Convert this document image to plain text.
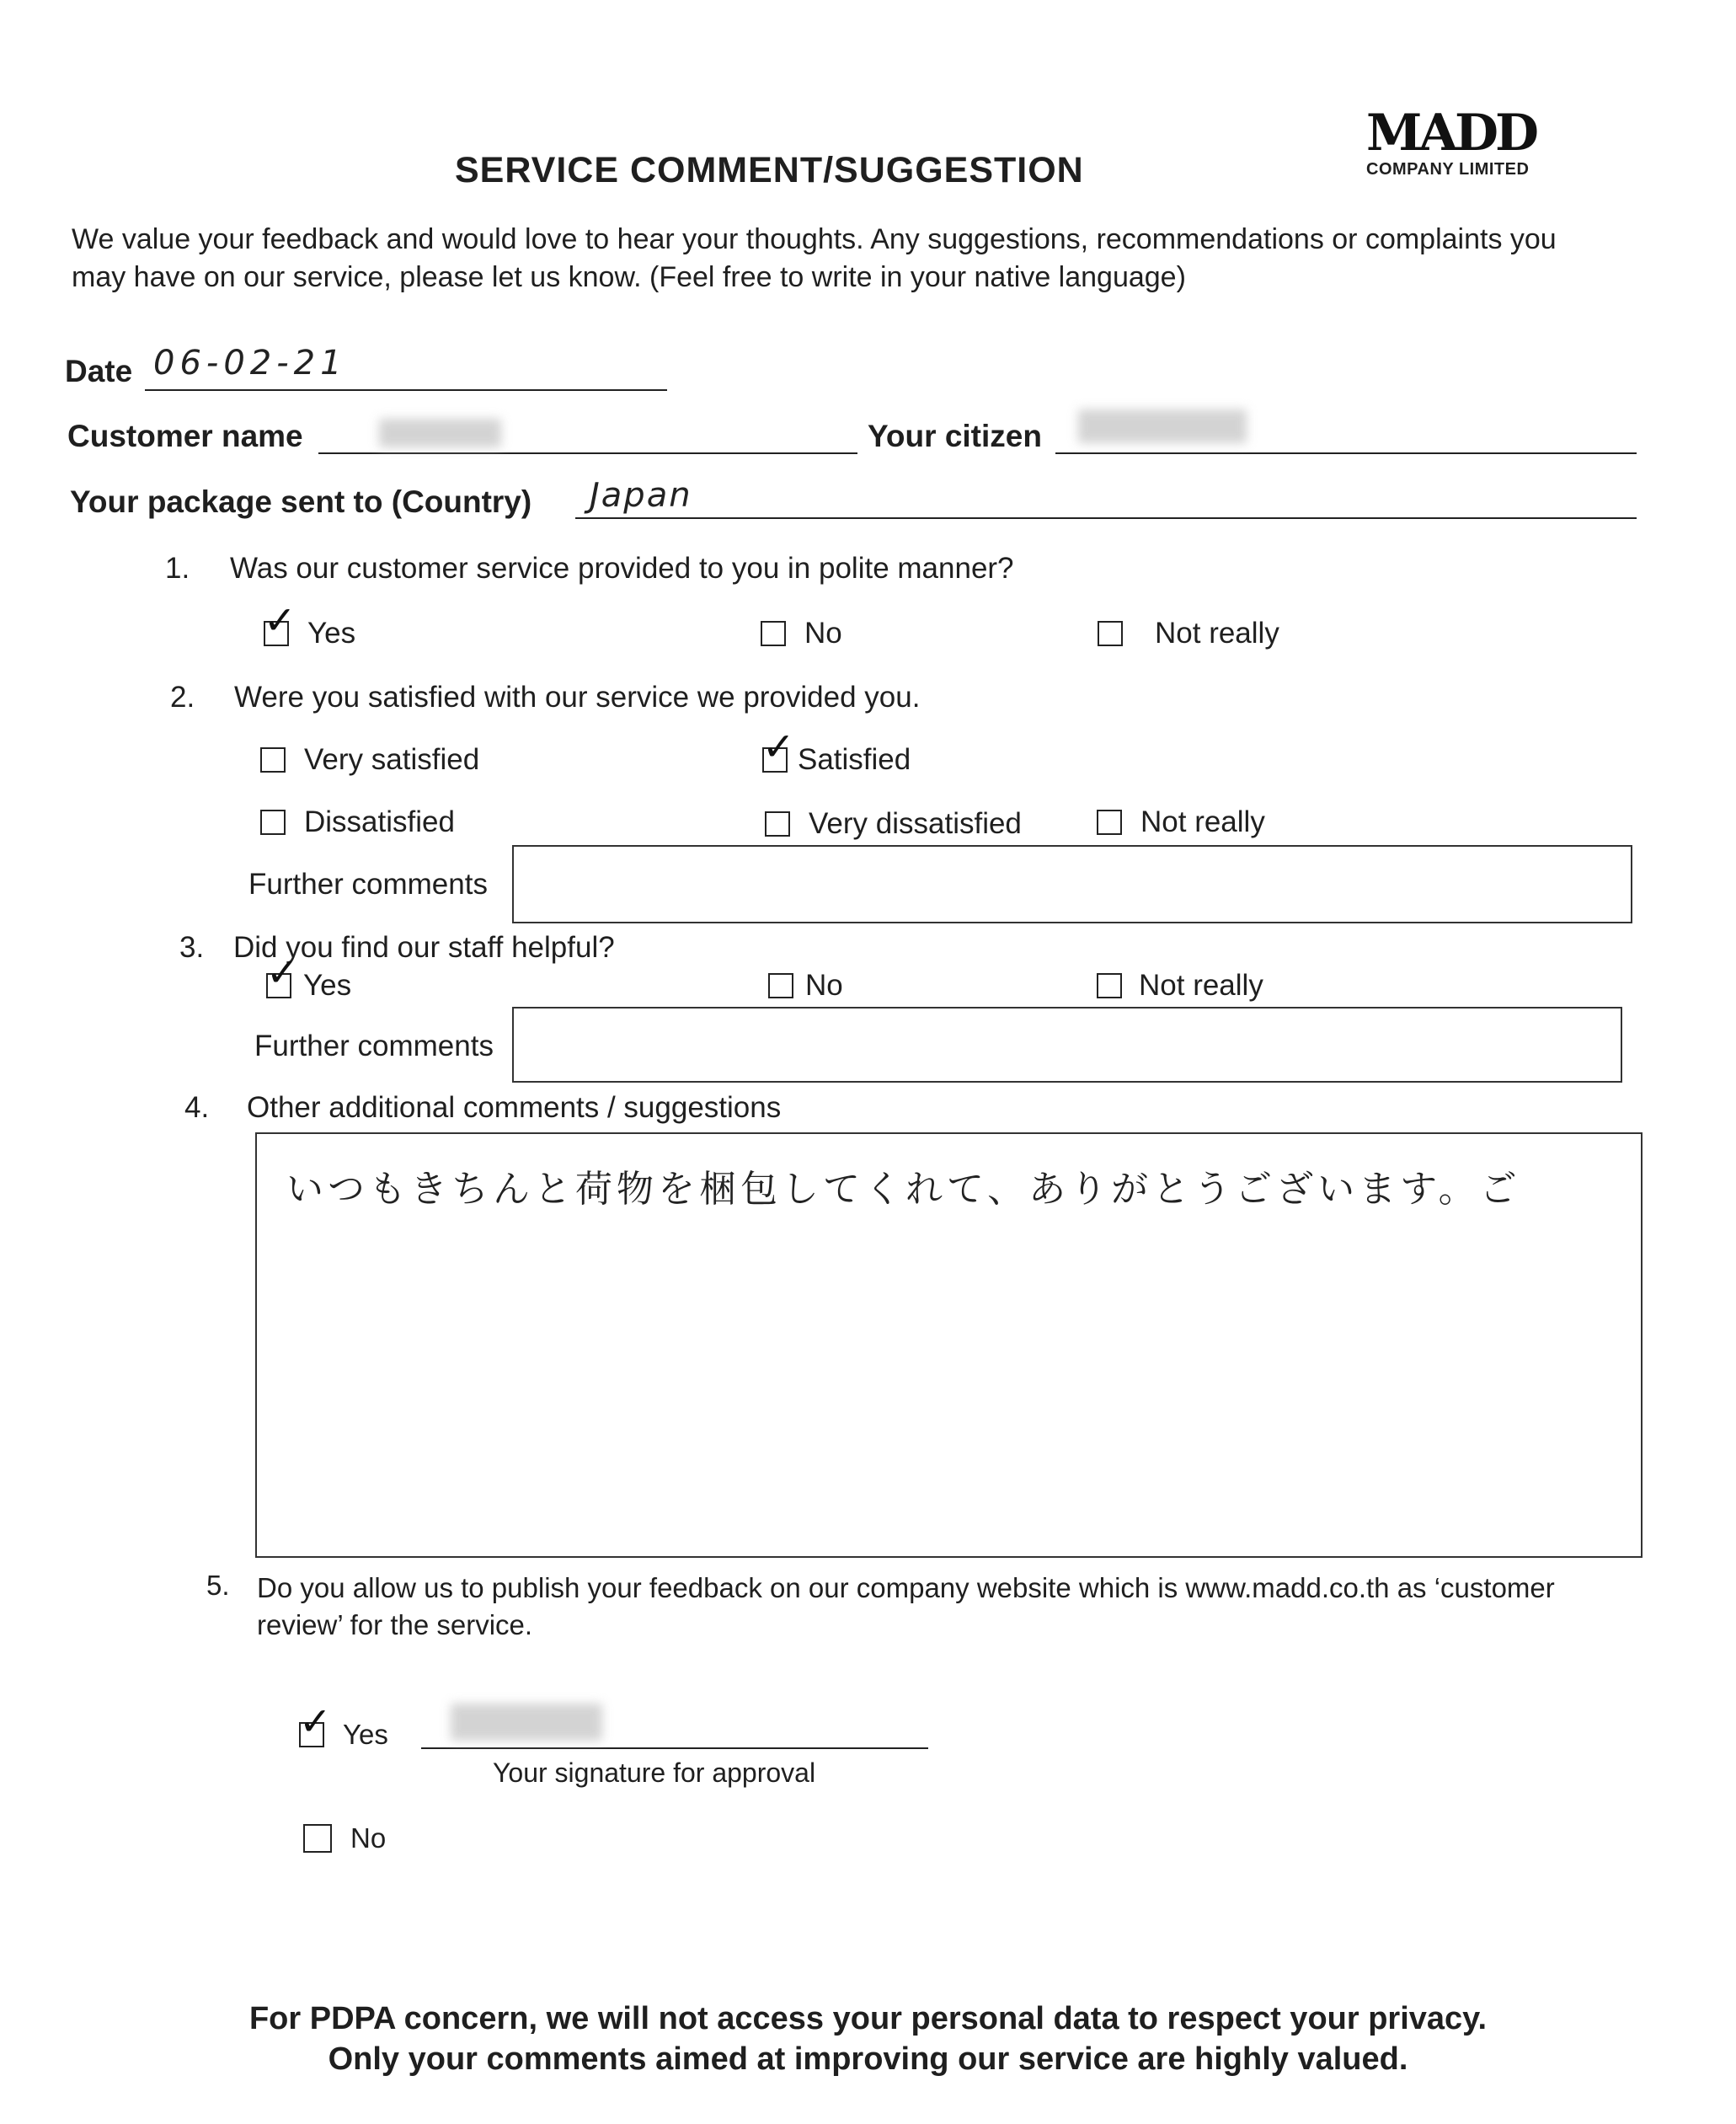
SERVICE COMMENT/SUGGESTION
MADD
COMPANY LIMITED
We value your feedback and would love to hear your thoughts. Any suggestions, recommendations or complaints you may have on our service, please let us know. (Feel free to write in your native language)
Date 06-02-21
Customer name	Your citizen
Your package sent to (Country) Japan
1. Was our customer service provided to you in polite manner?
✓
Yes	No	Not really
2. Were you satisfied with our service we provided you.
Very satisfied ✓	Satisfied
Dissatisfied	Very dissatisfied	Not really
Further comments
3. Did you find our staff helpful?
✓
Yes	No	Not really
Further comments
4. Other additional comments / suggestions
いつもきちんと荷物を梱包してくれて、ありがとうございます。ご
5. Do you allow us to publish your feedback on our company website which is www.madd.co.th as ‘customer review’ for the service.
✓
Yes
Your signature for approval
No
For PDPA concern, we will not access your personal data to respect your privacy.
Only your comments aimed at improving our service are highly valued.
